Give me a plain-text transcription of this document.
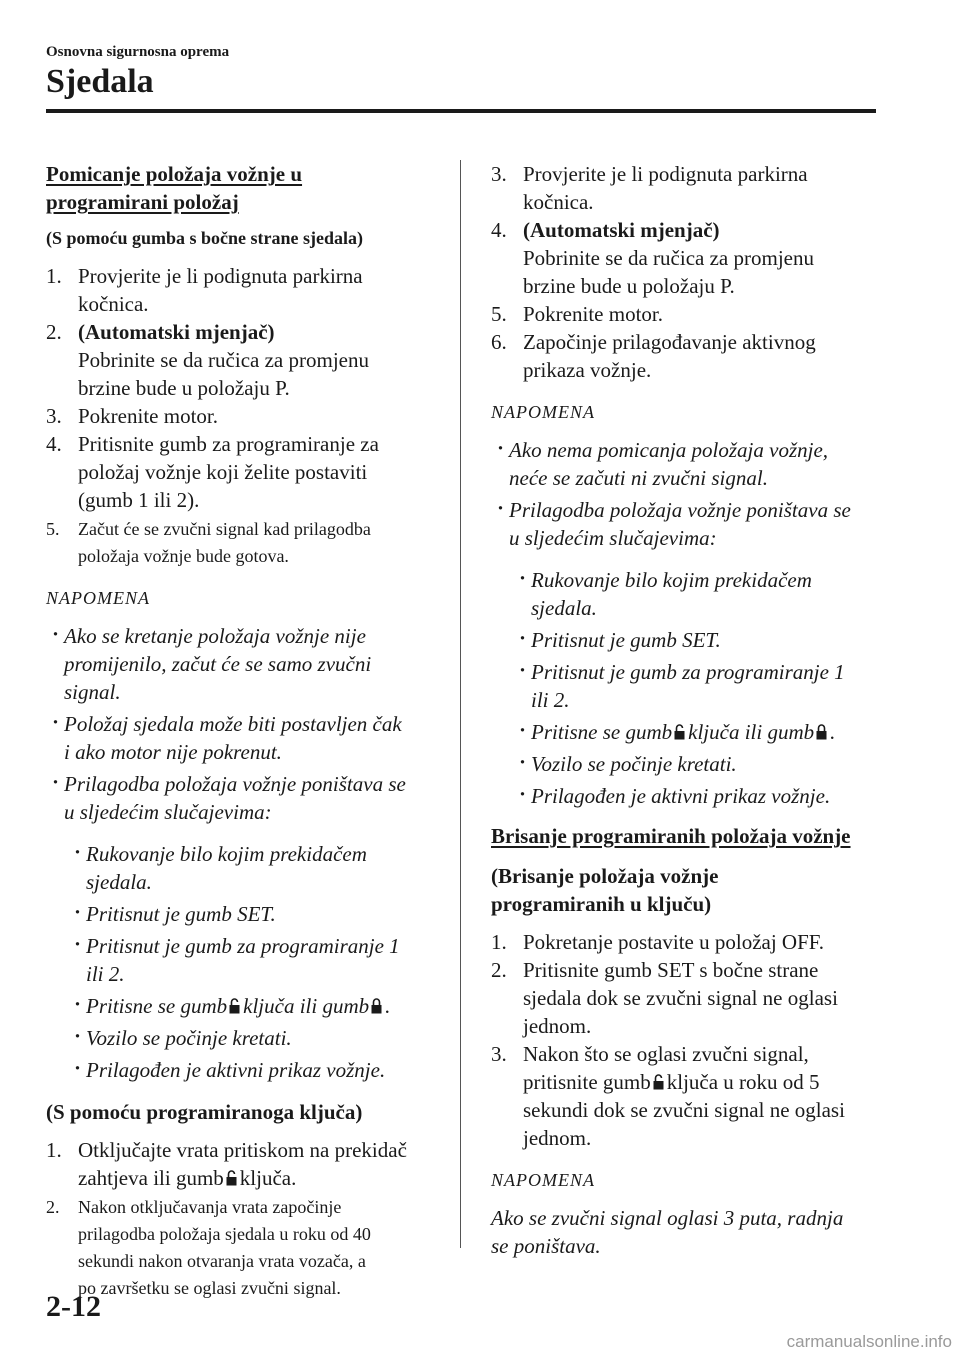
Osnovna sigurnosna oprema
Sjedala
Pomicanje položaja vožnje u
programirani položaj
(S pomoću gumba s bočne strane sjedala)
1. Provjerite je li podignuta parkirna
kočnica.
2. (Automatski mjenjač)
Pobrinite se da ručica za promjenu
brzine bude u položaju P.
3. Pokrenite motor.
4. Pritisnite gumb za programiranje za
položaj vožnje koji želite postaviti
(gumb 1 ili 2).
5. Začut će se zvučni signal kad prilagodba
položaja vožnje bude gotova.
NAPOMENA
· Ako se kretanje položaja vožnje nije
promijenilo, začut će se samo zvučni
signal.
· Položaj sjedala može biti postavljen čak
i ako motor nije pokrenut.
· Prilagodba položaja vožnje poništava se
u sljedećim slučajevima:
· Rukovanje bilo kojim prekidačem
sjedala.
· Pritisnut je gumb SET.
· Pritisnut je gumb za programiranje 1
ili 2.
· Pritisne se gumb ključa ili gumb .
· Vozilo se počinje kretati.
· Prilagođen je aktivni prikaz vožnje.
(S pomoću programiranoga ključa)
1. Otključajte vrata pritiskom na prekidač
zahtjeva ili gumb ključa.
2. Nakon otključavanja vrata započinje
prilagodba položaja sjedala u roku od 40
sekundi nakon otvaranja vrata vozača, a
po završetku se oglasi zvučni signal.
3. Provjerite je li podignuta parkirna
kočnica.
4. (Automatski mjenjač)
Pobrinite se da ručica za promjenu
brzine bude u položaju P.
5. Pokrenite motor.
6. Započinje prilagođavanje aktivnog
prikaza vožnje.
NAPOMENA
· Ako nema pomicanja položaja vožnje,
neće se začuti ni zvučni signal.
· Prilagodba položaja vožnje poništava se
u sljedećim slučajevima:
· Rukovanje bilo kojim prekidačem
sjedala.
· Pritisnut je gumb SET.
· Pritisnut je gumb za programiranje 1
ili 2.
· Pritisne se gumb ključa ili gumb .
· Vozilo se počinje kretati.
· Prilagođen je aktivni prikaz vožnje.
Brisanje programiranih položaja vožnje
(Brisanje položaja vožnje
programiranih u ključu)
1. Pokretanje postavite u položaj OFF.
2. Pritisnite gumb SET s bočne strane
sjedala dok se zvučni signal ne oglasi
jednom.
3. Nakon što se oglasi zvučni signal,
pritisnite gumb ključa u roku od 5
sekundi dok se zvučni signal ne oglasi
jednom.
NAPOMENA
Ako se zvučni signal oglasi 3 puta, radnja
se poništava.
2-12
carmanualsonline.info
